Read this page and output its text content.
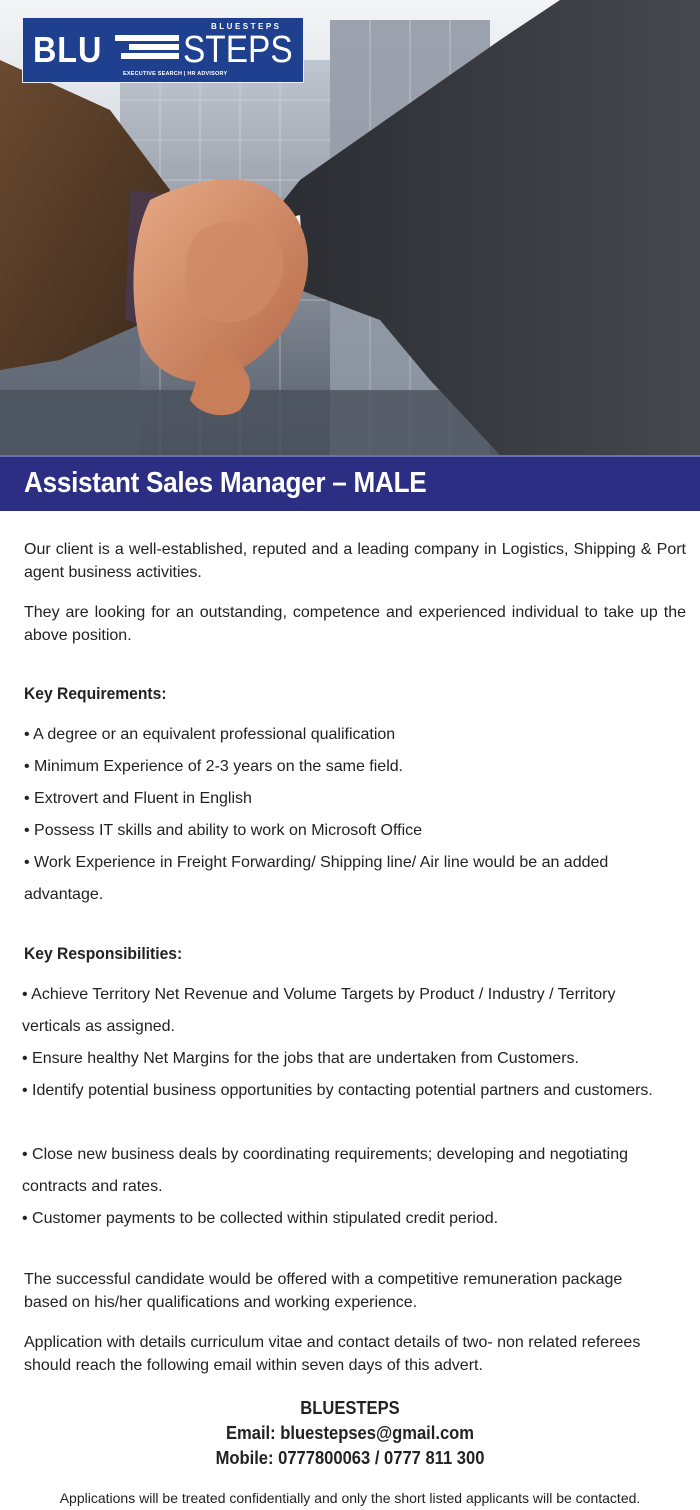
BLUESTEPS
BLU STEPS
EXECUTIVE SEARCH | HR ADVISORY
Assistant Sales Manager – MALE

Our client is a well-established, reputed and a leading company in Logistics, Shipping & Port agent business activities.

They are looking for an outstanding, competence and experienced individual to take up the above position.

Key Requirements:
• A degree or an equivalent professional qualification
• Minimum Experience of 2-3 years on the same field.
• Extrovert and Fluent in English
• Possess IT skills and ability to work on Microsoft Office
• Work Experience in Freight Forwarding/ Shipping line/ Air line would be an added advantage.
Key Responsibilities:
• Achieve Territory Net Revenue and Volume Targets by Product / Industry / Territory verticals as assigned.
• Ensure healthy Net Margins for the jobs that are undertaken from Customers.
• Identify potential business opportunities by contacting potential partners and customers.
• Close new business deals by coordinating requirements; developing and negotiating contracts and rates.
• Customer payments to be collected within stipulated credit period.

The successful candidate would be offered with a competitive remuneration package based on his/her qualifications and working experience.

Application with details curriculum vitae and contact details of two- non related referees should reach the following email within seven days of this advert.

BLUESTEPS
Email: bluestepses@gmail.com
Mobile: 0777800063 / 0777 811 300
Applications will be treated confidentially and only the short listed applicants will be contacted.
